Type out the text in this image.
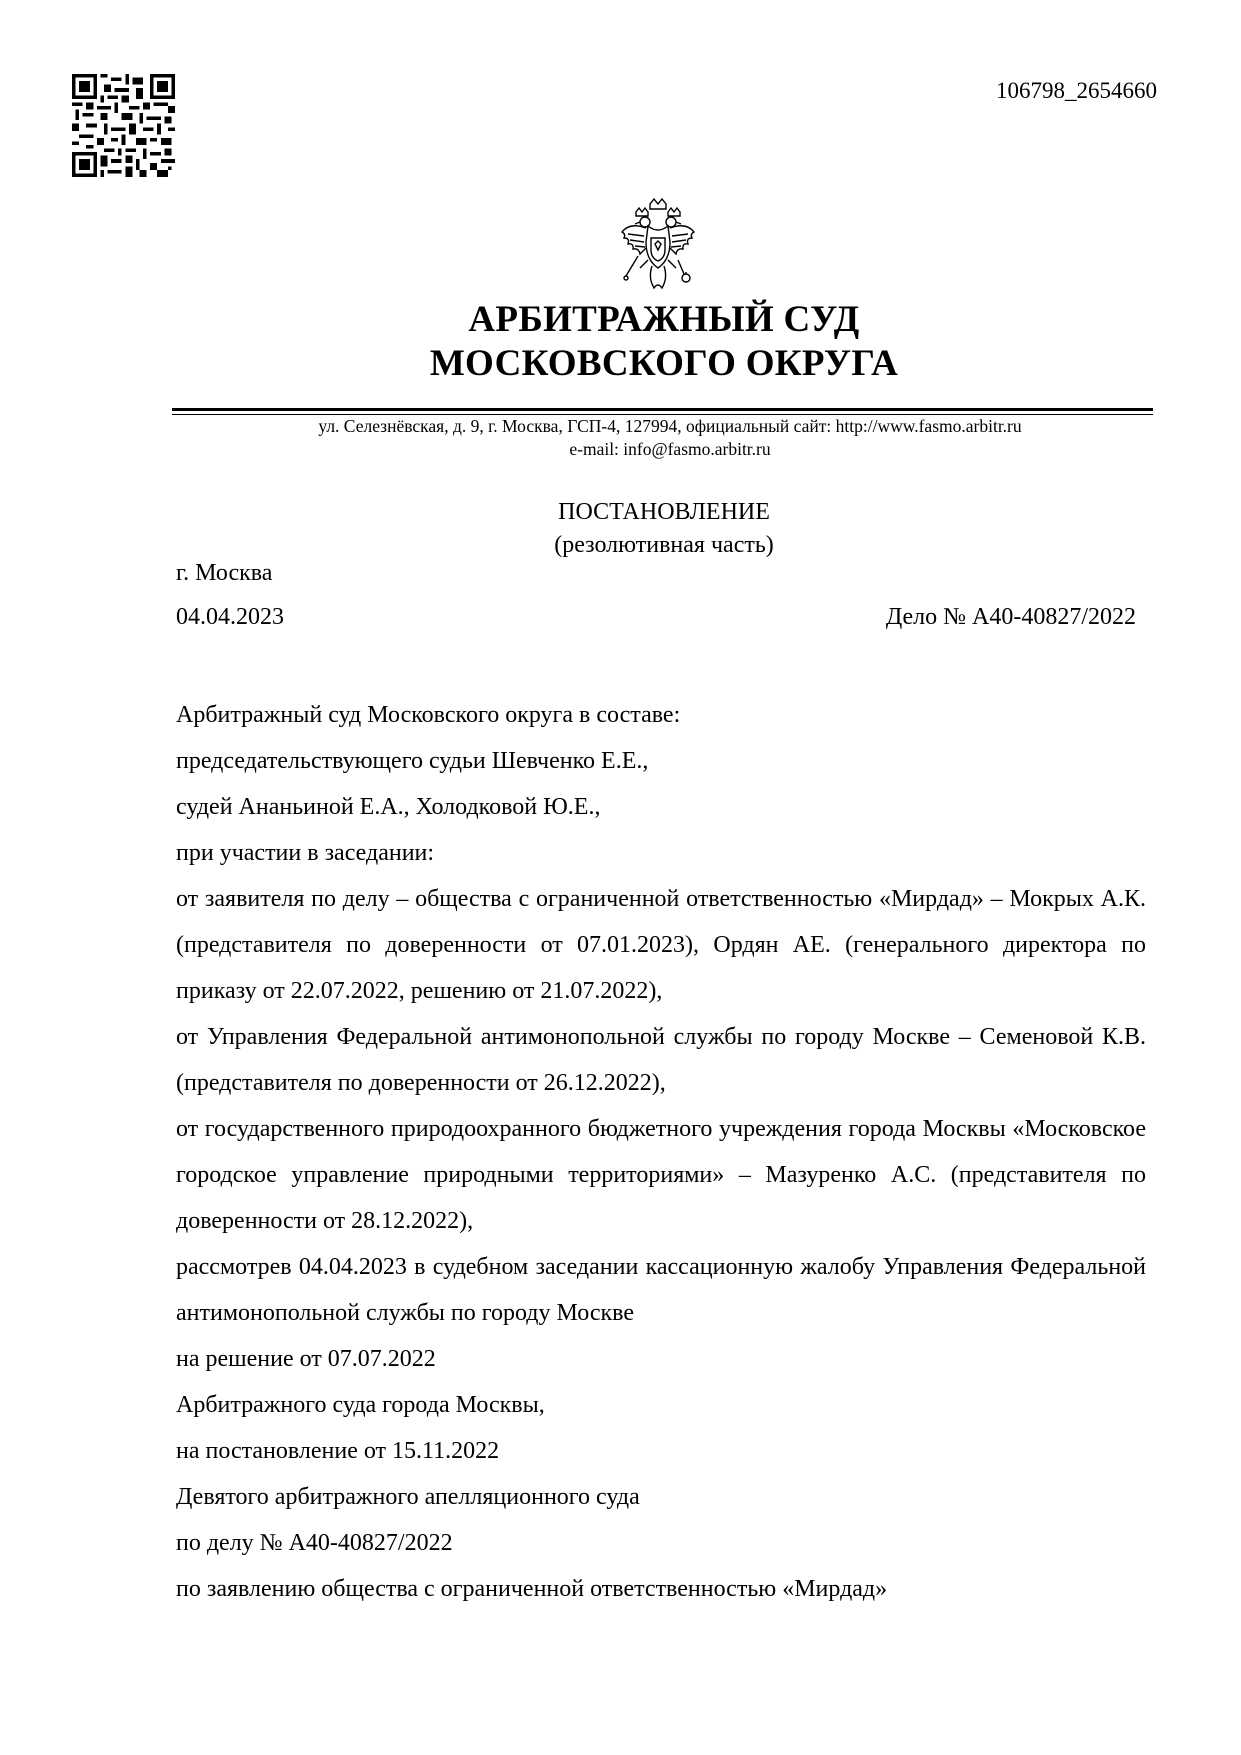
106798_2654660
АРБИТРАЖНЫЙ СУД
МОСКОВСКОГО ОКРУГА
ул. Селезнёвская, д. 9, г. Москва, ГСП-4, 127994, официальный сайт: http://www.fasmo.arbitr.ru
e-mail: info@fasmo.arbitr.ru
ПОСТАНОВЛЕНИЕ
(резолютивная часть)
г. Москва
04.04.2023	Дело № А40-40827/2022

Арбитражный суд Московского округа в составе:

председательствующего судьи Шевченко Е.Е.,

судей Ананьиной Е.А., Холодковой Ю.Е.,

при участии в заседании:

от заявителя по делу – общества с ограниченной ответственностью «Мирдад» – Мокрых А.К. (представителя по доверенности от 07.01.2023), Ордян АЕ. (генерального директора по приказу от 22.07.2022, решению от 21.07.2022),

от Управления Федеральной антимонопольной службы по городу Москве – Семеновой К.В. (представителя по доверенности от 26.12.2022),

от государственного природоохранного бюджетного учреждения города Москвы «Московское городское управление природными территориями» – Мазуренко А.С. (представителя по доверенности от 28.12.2022),

рассмотрев 04.04.2023 в судебном заседании кассационную жалобу Управления Федеральной антимонопольной службы по городу Москве

на решение от 07.07.2022

Арбитражного суда города Москвы,

на постановление от 15.11.2022

Девятого арбитражного апелляционного суда

по делу № А40-40827/2022

по заявлению общества с ограниченной ответственностью «Мирдад»
